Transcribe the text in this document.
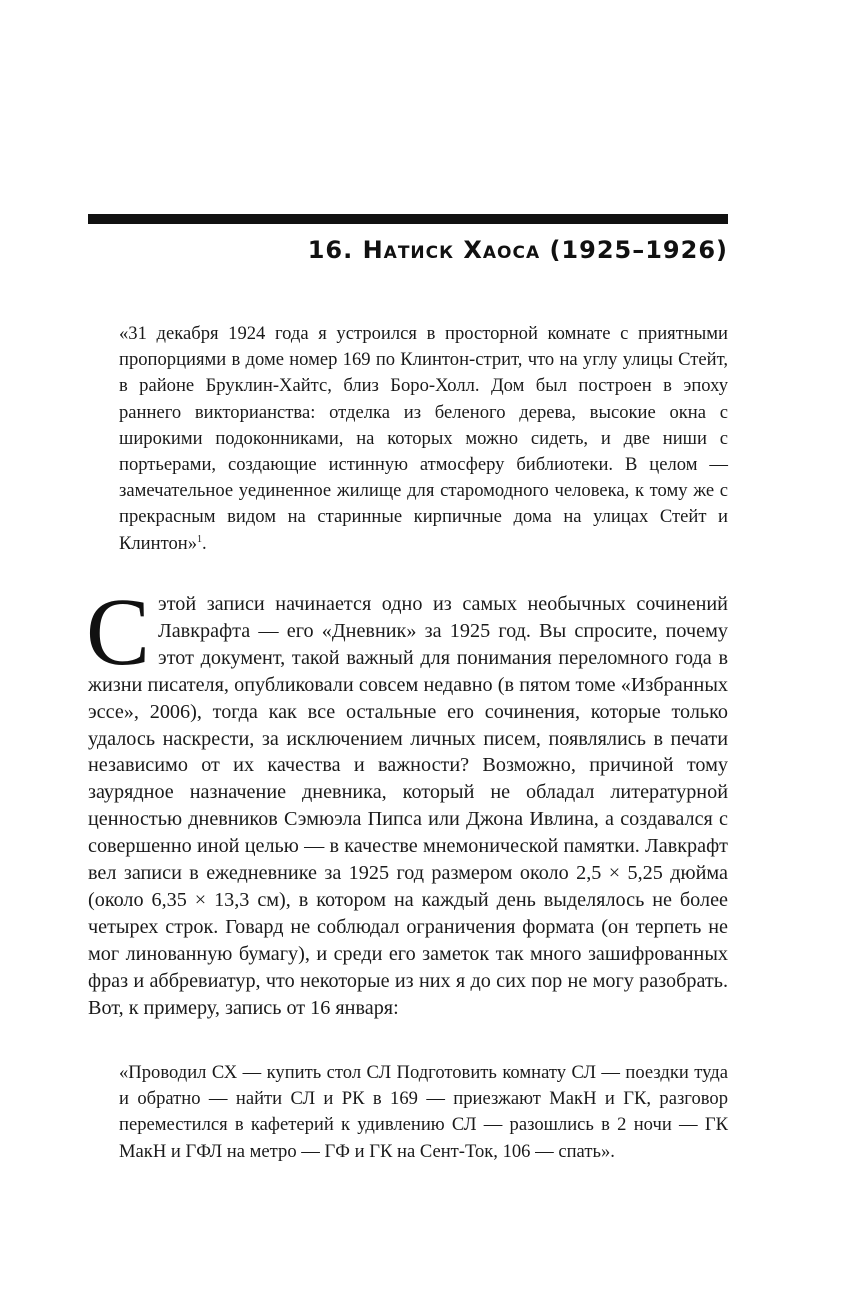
16. Натиск Хаоса (1925–1926)
«31 декабря 1924 года я устроился в просторной комнате с приятными пропорциями в доме номер 169 по Клинтон-стрит, что на углу улицы Стейт, в районе Бруклин-Хайтс, близ Боро-Холл. Дом был построен в эпоху раннего викторианства: отделка из беленого дерева, высокие окна с широкими подоконниками, на которых можно сидеть, и две ниши с портьерами, создающие истинную атмосферу библиотеки. В целом — замечательное уединенное жилище для старомодного человека, к тому же с прекрасным видом на старинные кирпичные дома на улицах Стейт и Клинтон»$^1$.
С этой записи начинается одно из самых необычных сочинений Лавкрафта — его «Дневник» за 1925 год. Вы спросите, почему этот документ, такой важный для понимания переломного года в жизни писателя, опубликовали совсем недавно (в пятом томе «Избранных эссе», 2006), тогда как все остальные его сочинения, которые только удалось наскрести, за исключением личных писем, появлялись в печати независимо от их качества и важности? Возможно, причиной тому заурядное назначение дневника, который не обладал литературной ценностью дневников Сэмюэла Пипса или Джона Ивлина, а создавался с совершенно иной целью — в качестве мнемонической памятки. Лавкрафт вел записи в ежедневнике за 1925 год размером около 2,5 × 5,25 дюйма (около 6,35 × 13,3 см), в котором на каждый день выделялось не более четырех строк. Говард не соблюдал ограничения формата (он терпеть не мог линованную бумагу), и среди его заметок так много зашифрованных фраз и аббревиатур, что некоторые из них я до сих пор не могу разобрать. Вот, к примеру, запись от 16 января:
«Проводил СХ — купить стол СЛ Подготовить комнату СЛ — поездки туда и обратно — найти СЛ и РК в 169 — приезжают МакН и ГК, разговор переместился в кафетерий к удивлению СЛ — разошлись в 2 ночи — ГК МакН и ГФЛ на метро — ГФ и ГК на Сент-Ток, 106 — спать».
